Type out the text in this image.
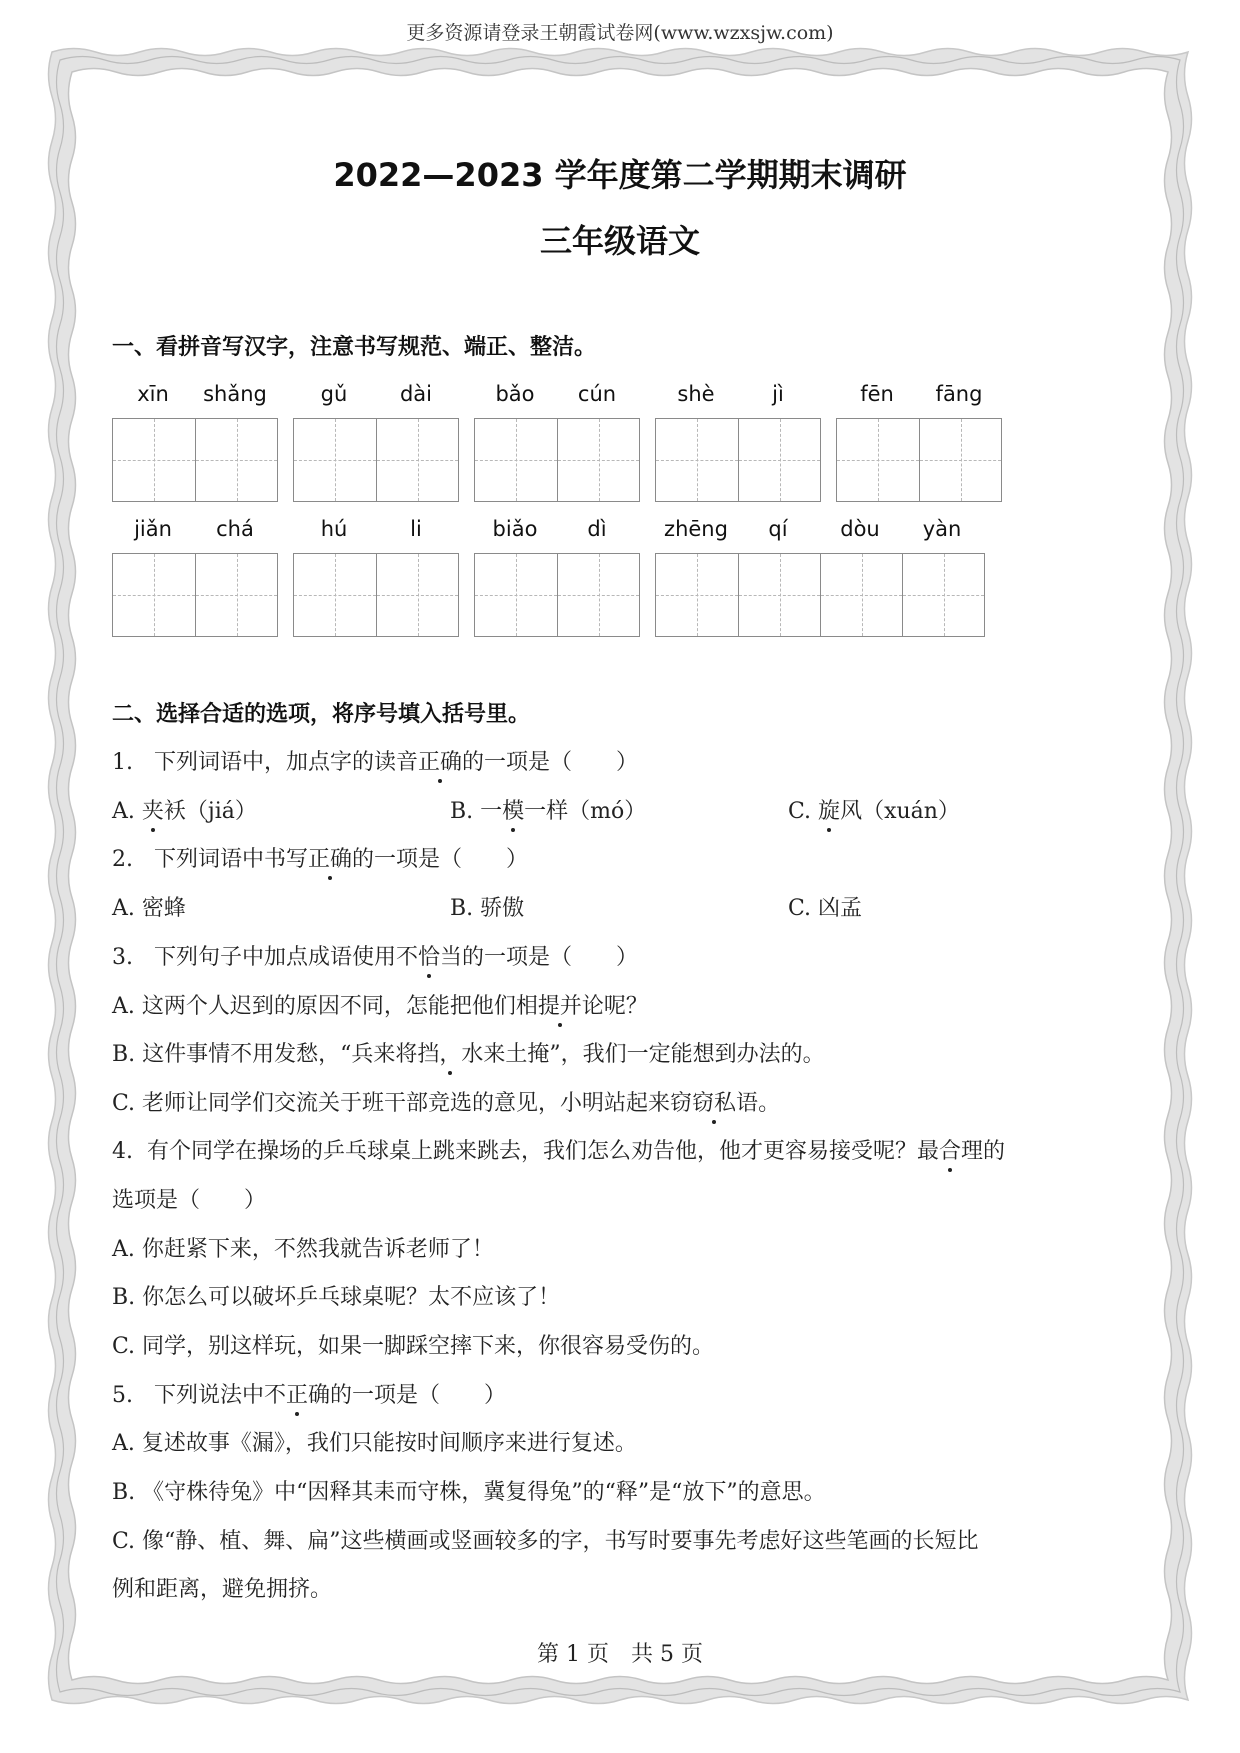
更多资源请登录王朝霞试卷网(www.wzxsjw.com)
2022—2023 学年度第二学期期末调研
三年级语文
一、看拼音写汉字，注意书写规范、端正、整洁。
xīn	shǎng	gǔ	dài	bǎo	cún	shè	jì	fēn	fāng
jiǎn	chá	hú	li	biǎo	dì	zhēng	qí	dòu	yàn
二、选择合适的选项，将序号填入括号里。
1. 下列词语中，加点字的读音正确的一项是（　　）
A. 夹袄（jiá）	B. 一模一样（mó）	C. 旋风（xuán）
2. 下列词语中书写正确的一项是（　　）
A. 密蜂	B. 骄傲	C. 凶孟
3. 下列句子中加点成语使用不恰当的一项是（　　）
A. 这两个人迟到的原因不同，怎能把他们相提并论呢？
B. 这件事情不用发愁，“兵来将挡，水来土掩”，我们一定能想到办法的。
C. 老师让同学们交流关于班干部竞选的意见，小明站起来窃窃私语。
4. 有个同学在操场的乒乓球桌上跳来跳去，我们怎么劝告他，他才更容易接受呢？最合理的
选项是（　　）
A. 你赶紧下来，不然我就告诉老师了！
B. 你怎么可以破坏乒乓球桌呢？太不应该了！
C. 同学，别这样玩，如果一脚踩空摔下来，你很容易受伤的。
5. 下列说法中不正确的一项是（　　）
A. 复述故事《漏》，我们只能按时间顺序来进行复述。
B. 《守株待兔》中“因释其耒而守株，冀复得兔”的“释”是“放下”的意思。
C. 像“静、植、舞、扁”这些横画或竖画较多的字，书写时要事先考虑好这些笔画的长短比
例和距离，避免拥挤。
第 1 页　共 5 页
